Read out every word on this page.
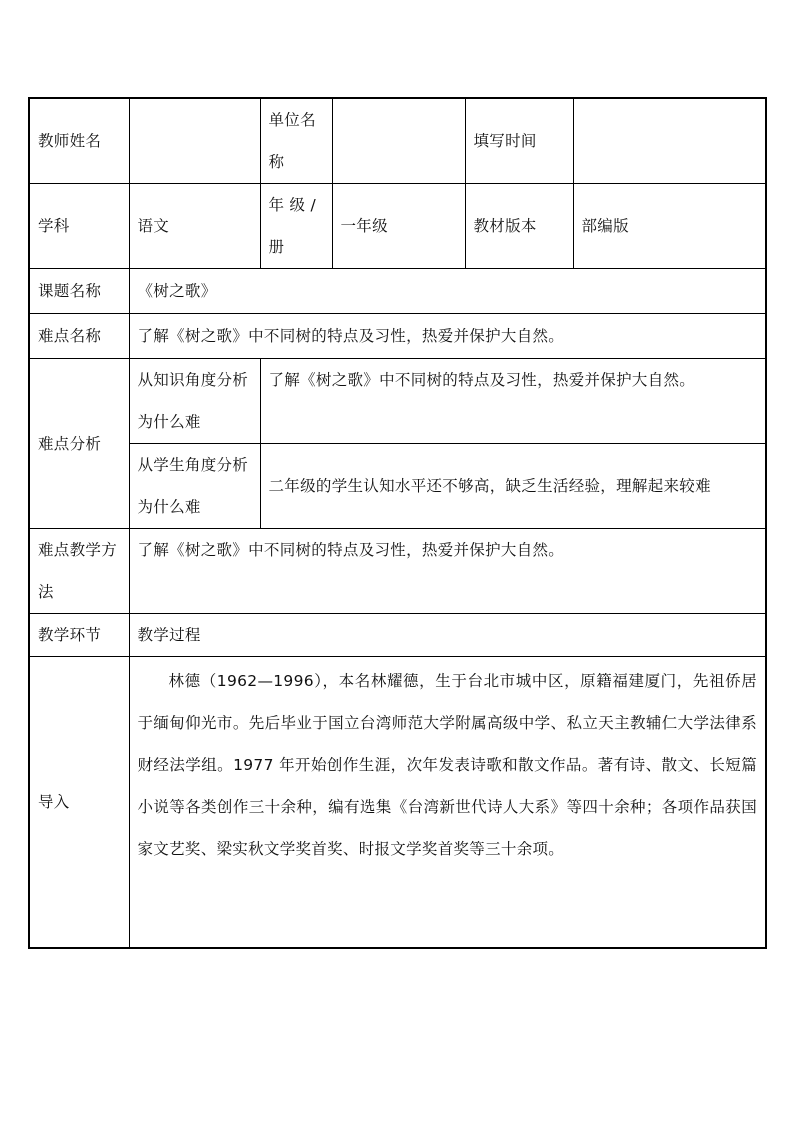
教师姓名		单位名称		填写时间	
学科	语文	年 级 / 册	一年级	教材版本	部编版
课题名称	《树之歌》				
难点名称	了解《树之歌》中不同树的特点及习性，热爱并保护大自然。				
难点分析	从知识角度分析为什么难	了解《树之歌》中不同树的特点及习性，热爱并保护大自然。			
	从学生角度分析为什么难	二年级的学生认知水平还不够高，缺乏生活经验，理解起来较难			
难点教学方法	了解《树之歌》中不同树的特点及习性，热爱并保护大自然。				
教学环节	教学过程				
导入	林德（1962—1996），本名林耀德，生于台北市城中区，原籍福建厦门，先祖侨居于缅甸仰光市。先后毕业于国立台湾师范大学附属高级中学、私立天主教辅仁大学法律系财经法学组。1977 年开始创作生涯，次年发表诗歌和散文作品。著有诗、散文、长短篇小说等各类创作三十余种，编有选集《台湾新世代诗人大系》等四十余种；各项作品获国家文艺奖、梁实秋文学奖首奖、时报文学奖首奖等三十余项。				
